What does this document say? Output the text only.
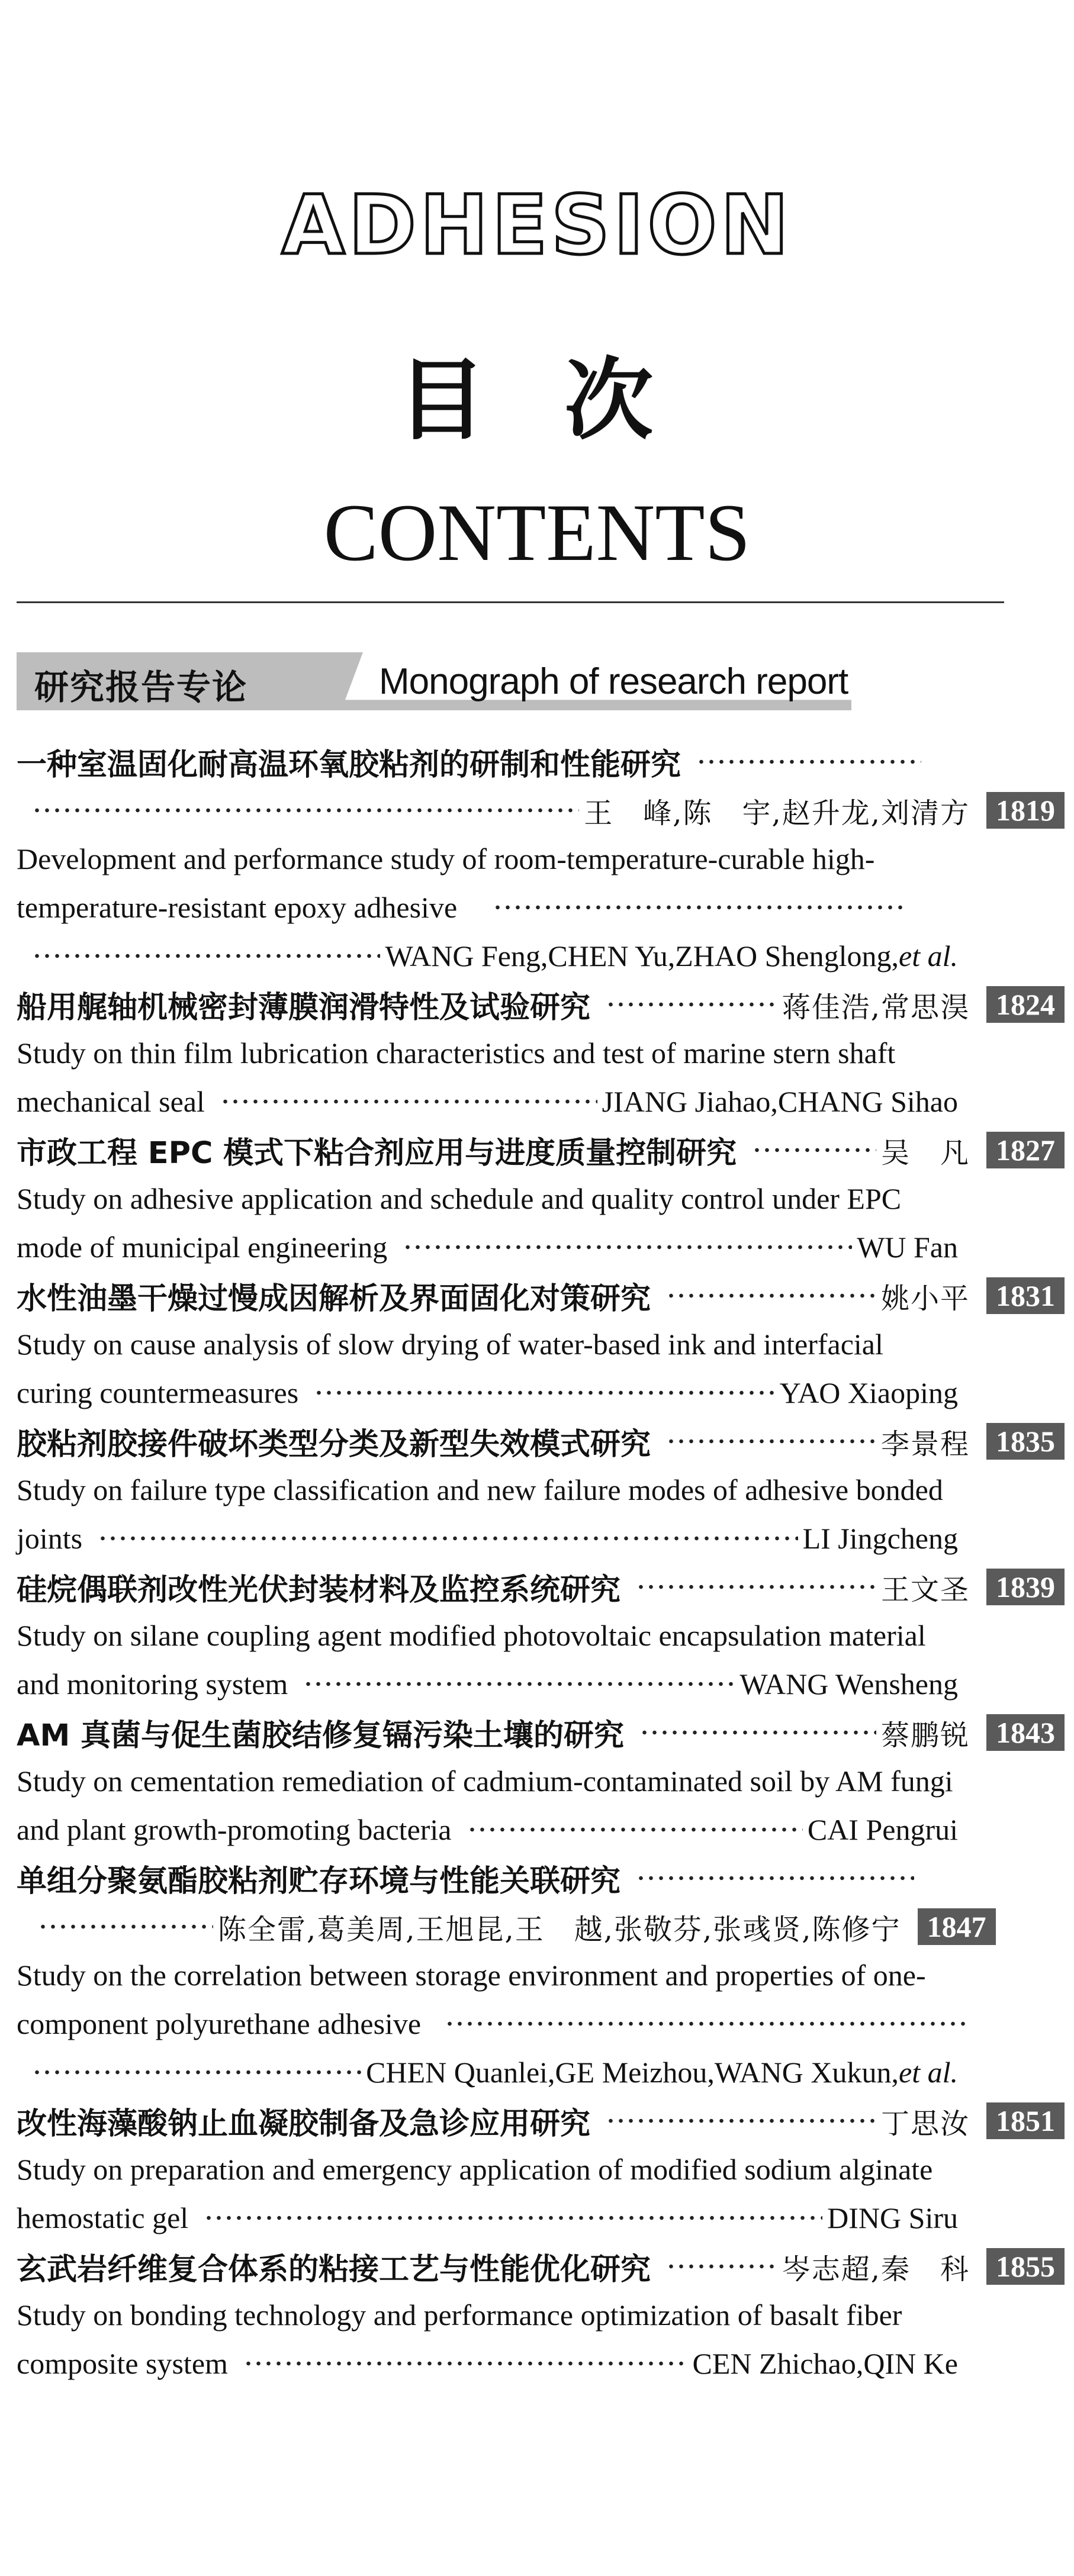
ADHESION
目 次
CONTENTS
研究报告专论	Monograph of research report
一种室温固化耐高温环氧胶粘剂的研制和性能研究
王　峰,陈　宇,赵升龙,刘清方 1819
Development and performance study of room-temperature-curable high-
temperature-resistant epoxy adhesive
WANG Feng,CHEN Yu,ZHAO Shenglong,et al.
船用艉轴机械密封薄膜润滑特性及试验研究	蒋佳浩,常思淏 1824
Study on thin film lubrication characteristics and test of marine stern shaft
mechanical seal	JIANG Jiahao,CHANG Sihao
市政工程 EPC 模式下粘合剂应用与进度质量控制研究	吴　凡 1827
Study on adhesive application and schedule and quality control under EPC
mode of municipal engineering	WU Fan
水性油墨干燥过慢成因解析及界面固化对策研究	姚小平 1831
Study on cause analysis of slow drying of water-based ink and interfacial
curing countermeasures	YAO Xiaoping
胶粘剂胶接件破坏类型分类及新型失效模式研究	李景程 1835
Study on failure type classification and new failure modes of adhesive bonded
joints	LI Jingcheng
硅烷偶联剂改性光伏封装材料及监控系统研究	王文圣 1839
Study on silane coupling agent modified photovoltaic encapsulation material
and monitoring system	WANG Wensheng
AM 真菌与促生菌胶结修复镉污染土壤的研究	蔡鹏锐 1843
Study on cementation remediation of cadmium-contaminated soil by AM fungi
and plant growth-promoting bacteria	CAI Pengrui
单组分聚氨酯胶粘剂贮存环境与性能关联研究
陈全雷,葛美周,王旭昆,王　越,张敬芬,张彧贤,陈修宁 1847
Study on the correlation between storage environment and properties of one-
component polyurethane adhesive
CHEN Quanlei,GE Meizhou,WANG Xukun,et al.
改性海藻酸钠止血凝胶制备及急诊应用研究	丁思汝 1851
Study on preparation and emergency application of modified sodium alginate
hemostatic gel	DING Siru
玄武岩纤维复合体系的粘接工艺与性能优化研究	岑志超,秦　科 1855
Study on bonding technology and performance optimization of basalt fiber
composite system	CEN Zhichao,QIN Ke
